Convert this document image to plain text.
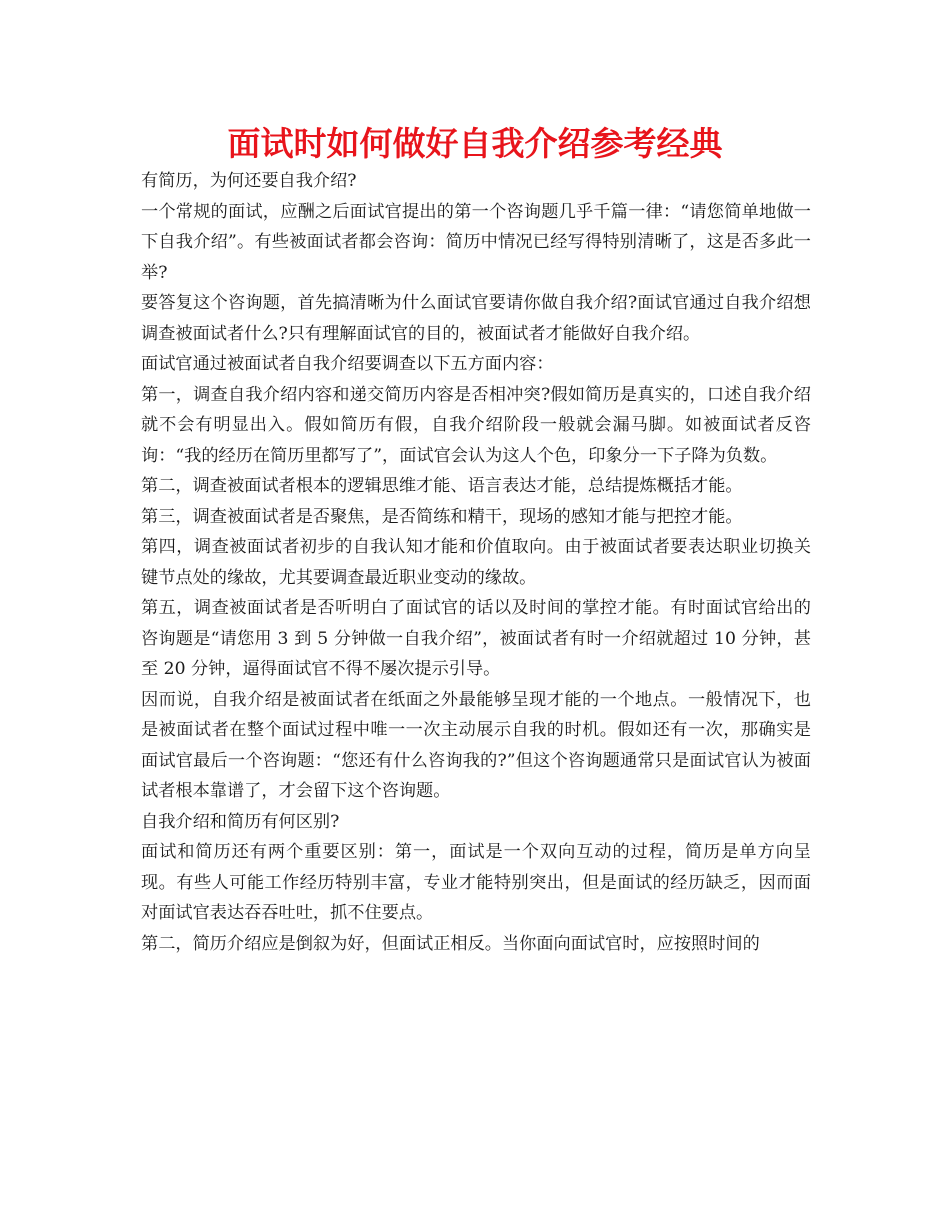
面试时如何做好自我介绍参考经典

有简历，为何还要自我介绍?

一个常规的面试，应酬之后面试官提出的第一个咨询题几乎千篇一律：“请您简单地做一下自我介绍”。有些被面试者都会咨询：简历中情况已经写得特别清晰了，这是否多此一举?

要答复这个咨询题，首先搞清晰为什么面试官要请你做自我介绍?面试官通过自我介绍想调查被面试者什么?只有理解面试官的目的，被面试者才能做好自我介绍。

面试官通过被面试者自我介绍要调查以下五方面内容：

第一，调查自我介绍内容和递交简历内容是否相冲突?假如简历是真实的，口述自我介绍就不会有明显出入。假如简历有假，自我介绍阶段一般就会漏马脚。如被面试者反咨询：“我的经历在简历里都写了”，面试官会认为这人个色，印象分一下子降为负数。

第二，调查被面试者根本的逻辑思维才能、语言表达才能，总结提炼概括才能。

第三，调查被面试者是否聚焦，是否简练和精干，现场的感知才能与把控才能。

第四，调查被面试者初步的自我认知才能和价值取向。由于被面试者要表达职业切换关键节点处的缘故，尤其要调查最近职业变动的缘故。

第五，调查被面试者是否听明白了面试官的话以及时间的掌控才能。有时面试官给出的咨询题是“请您用 3 到 5 分钟做一自我介绍”，被面试者有时一介绍就超过 10 分钟，甚至 20 分钟，逼得面试官不得不屡次提示引导。

因而说，自我介绍是被面试者在纸面之外最能够呈现才能的一个地点。一般情况下，也是被面试者在整个面试过程中唯一一次主动展示自我的时机。假如还有一次，那确实是面试官最后一个咨询题：“您还有什么咨询我的?”但这个咨询题通常只是面试官认为被面试者根本靠谱了，才会留下这个咨询题。

自我介绍和简历有何区别?

面试和简历还有两个重要区别：第一，面试是一个双向互动的过程，简历是单方向呈现。有些人可能工作经历特别丰富，专业才能特别突出，但是面试的经历缺乏，因而面对面试官表达吞吞吐吐，抓不住要点。

第二，简历介绍应是倒叙为好，但面试正相反。当你面向面试官时，应按照时间的
